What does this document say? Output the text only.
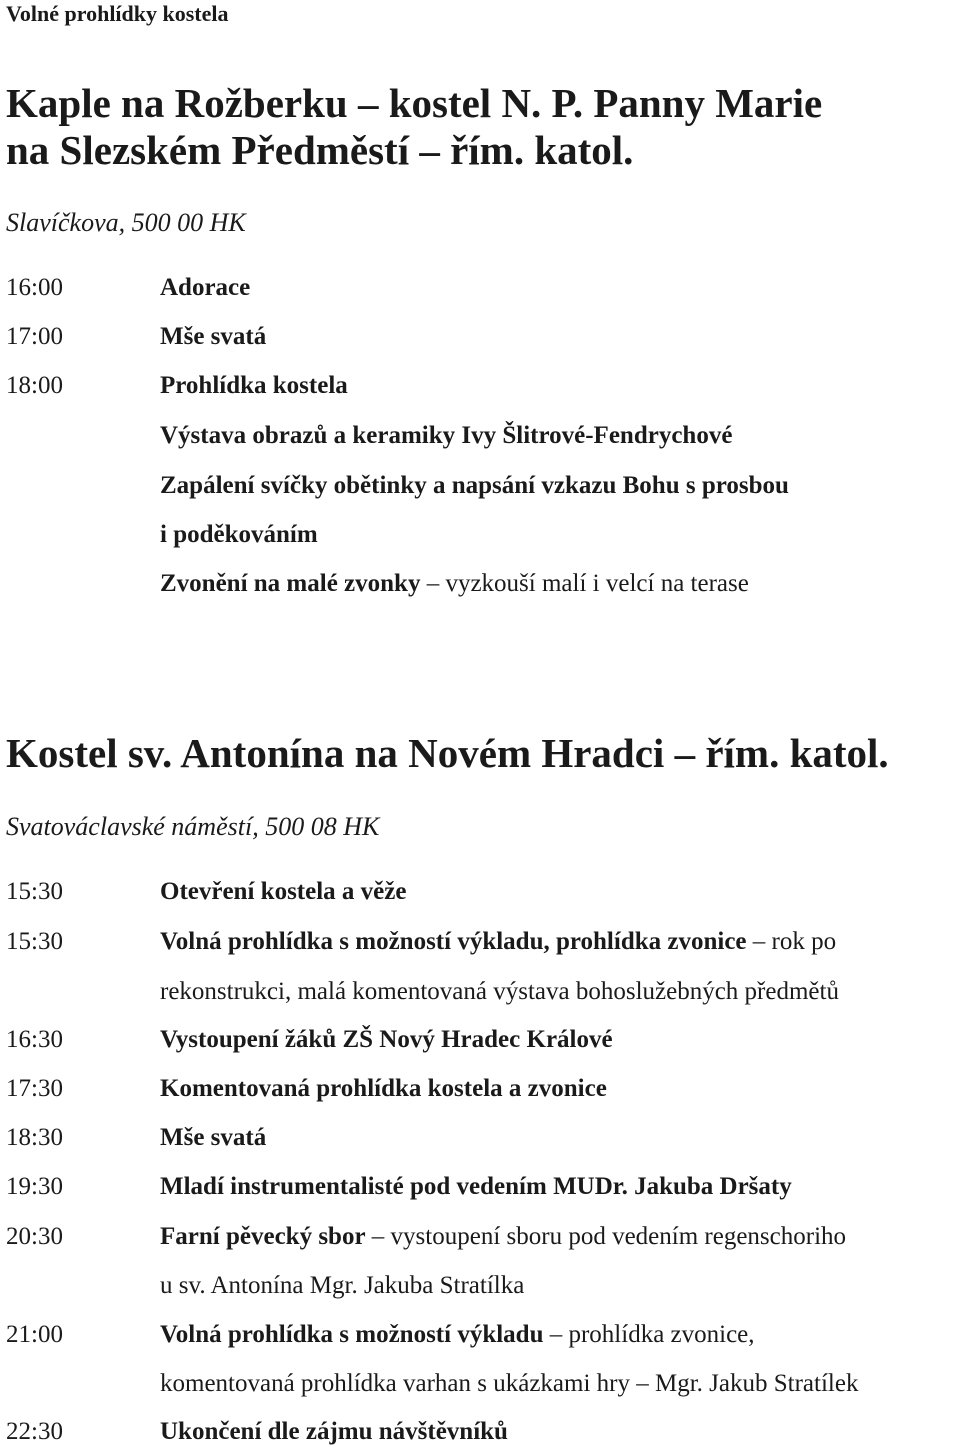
Volné prohlídky kostela
Kaple na Rožberku – kostel N. P. Panny Marie
na Slezském Předměstí – řím. katol.
Slavíčkova, 500 00 HK
16:00	Adorace
17:00	Mše svatá
18:00	Prohlídka kostela
Výstava obrazů a keramiky Ivy Šlitrové-Fendrychové
Zapálení svíčky obětinky a napsání vzkazu Bohu s prosbou
i poděkováním
Zvonění na malé zvonky – vyzkouší malí i velcí na terase
Kostel sv. Antonína na Novém Hradci – řím. katol.
Svatováclavské náměstí, 500 08 HK
15:30	Otevření kostela a věže
15:30	Volná prohlídka s možností výkladu, prohlídka zvonice – rok po
rekonstrukci, malá komentovaná výstava bohoslužebných předmětů
16:30	Vystoupení žáků ZŠ Nový Hradec Králové
17:30	Komentovaná prohlídka kostela a zvonice
18:30	Mše svatá
19:30	Mladí instrumentalisté pod vedením MUDr. Jakuba Dršaty
20:30	Farní pěvecký sbor – vystoupení sboru pod vedením regenschoriho
u sv. Antonína Mgr. Jakuba Stratílka
21:00	Volná prohlídka s možností výkladu – prohlídka zvonice,
komentovaná prohlídka varhan s ukázkami hry – Mgr. Jakub Stratílek
22:30	Ukončení dle zájmu návštěvníků
